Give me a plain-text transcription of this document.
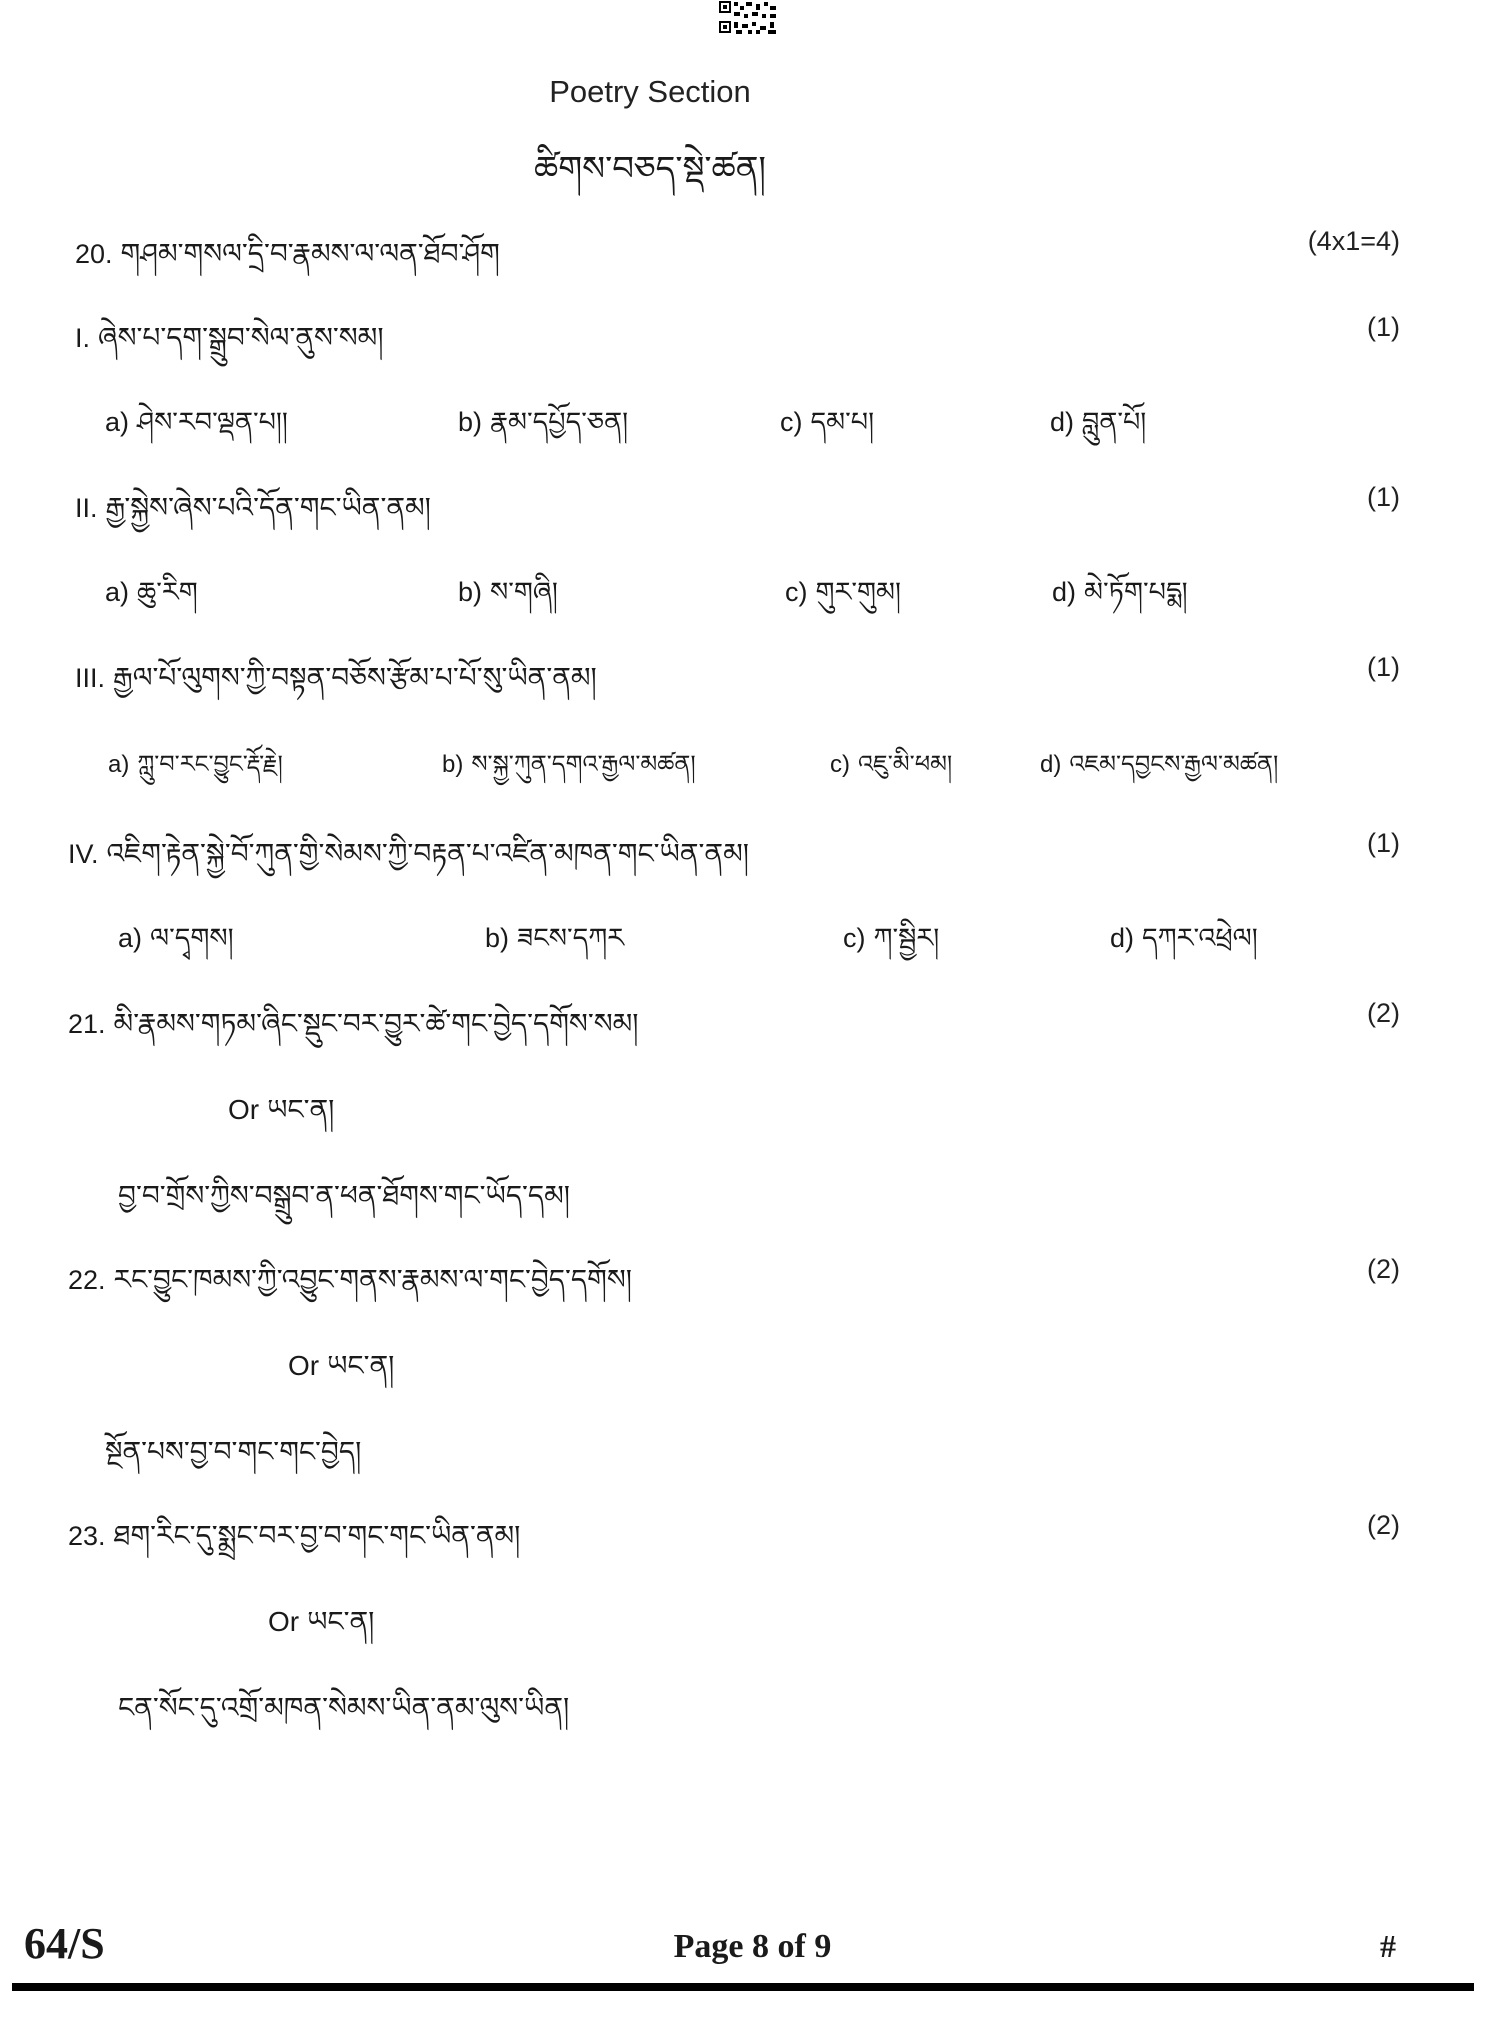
Poetry Section
ཚིགས་བཅད་སྡེ་ཚན།
20. གཤམ་གསལ་དྲི་བ་རྣམས་ལ་ལན་ཐོབ་ཤོག	(4x1=4)
I. ཞེས་པ་དག་སྒྲུབ་སེལ་ནུས་སམ།	(1)
a) ཤེས་རབ་ལྡན་པ།།	b) རྣམ་དཔྱོད་ཅན།	c) དམ་པ།	d) བླུན་པོ།
II. རྒྱ་སྐྱེས་ཞེས་པའི་དོན་གང་ཡིན་ནམ།	(1)
a) ཆུ་རིག	b) ས་གཞི།	c) གུར་གུམ།	d) མེ་ཏོག་པདྨ།
III. རྒྱལ་པོ་ལུགས་ཀྱི་བསྟན་བཅོས་རྩོམ་པ་པོ་སུ་ཡིན་ནམ།	(1)
a) ཀླུ་བ་རང་བྱུང་རྡོ་རྗེ།	b) ས་སྐྱ་ཀུན་དགའ་རྒྱལ་མཚན།	c) འཇུ་མི་ཕམ།	d) འཇམ་དབྱངས་རྒྱལ་མཚན།
IV. འཇིག་རྟེན་སྐྱེ་བོ་ཀུན་གྱི་སེམས་ཀྱི་བརྟན་པ་འཛིན་མཁན་གང་ཡིན་ནམ།	(1)
a) ལ་དྭགས།	b) ཟངས་དཀར	c) ཀ་སྦྱིར།	d) དཀར་འཕྲེལ།
21. མི་རྣམས་གཏམ་ཞིང་སྡུང་བར་བྱུར་ཚེ་གང་བྱེད་དགོས་སམ།	(2)
Or ཡང་ན།
བྱ་བ་གྲོས་ཀྱིས་བསྒྲུབ་ན་ཕན་ཐོགས་གང་ཡོད་དམ།
22. རང་བྱུང་ཁམས་ཀྱི་འབྱུང་གནས་རྣམས་ལ་གང་བྱེད་དགོས།	(2)
Or ཡང་ན།
སྔོན་པས་བྱ་བ་གང་གང་བྱེད།
23. ཐག་རིང་དུ་སྨྲང་བར་བྱ་བ་གང་གང་ཡིན་ནམ།	(2)
Or ཡང་ན།
ངན་སོང་དུ་འགྲོ་མཁན་སེམས་ཡིན་ནམ་ལུས་ཡིན།
64/S	Page 8 of 9	#
